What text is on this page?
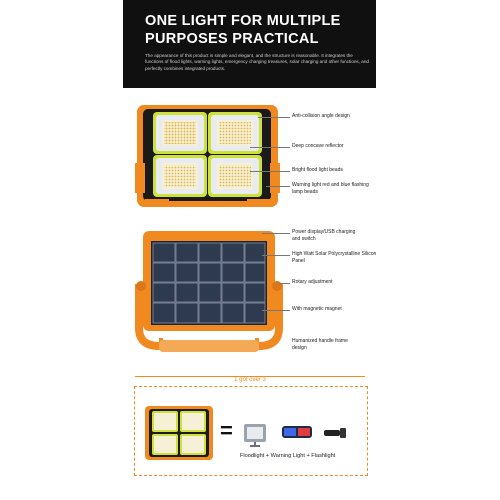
ONE LIGHT FOR MULTIPLE PURPOSES PRACTICAL
The appearance of this product is simple and elegant, and the structure is reasonable. It integrates the functions of flood lights, warning lights, emergency charging treasures, solar charging and other functions, and perfectly combines integrated products.
Anti-collision angle design
Deep concave reflector
Bright flood light beads
Warning light red and blue flashing lamp beads
Power display/USB charging and switch
High Watt Solar Polycrystalline Silicon Panel
Rotary adjustment
With magnetic magnet
Humanized handle frame design
1 got over 3
=
Floodlight + Warning Light + Flashlight
